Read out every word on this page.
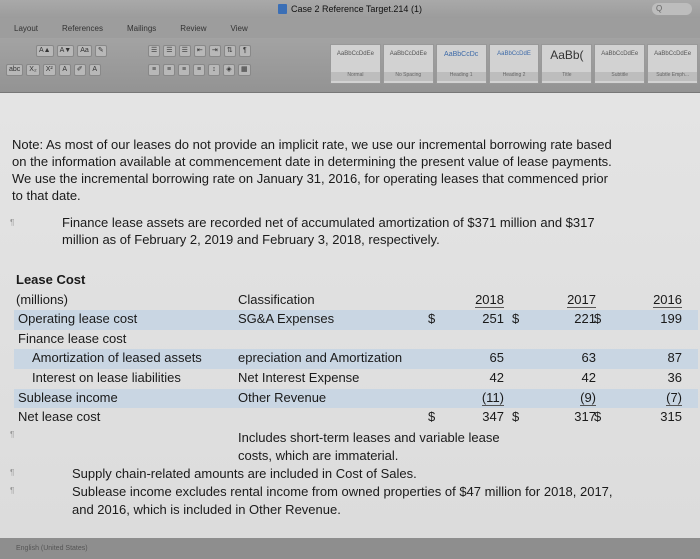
Case 2 Reference Target.214 (1)	Q
Layout	References	Mailings	Review	View
A▲	A▼	Aa	✎
abc	X₂	X²	A	✐	A
☰	☰	☰	⇤	⇥	⇅	¶
≡	≡	≡	≡	↕	◈	▦
AaBbCcDdEe
Normal
AaBbCcDdEe
No Spacing
AaBbCcDc
Heading 1
AaBbCcDdE
Heading 2
AaBb(
Title
AaBbCcDdEe
Subtitle
AaBbCcDdEe
Subtle Emph...
Note: As most of our leases do not provide an implicit rate, we use our incremental borrowing rate based
on the information available at commencement date in determining the present value of lease payments.
We use the incremental borrowing rate on January 31, 2016, for operating leases that commenced prior
to that date.
¶	Finance lease assets are recorded net of accumulated amortization of $371 million and $317
million as of February 2, 2019 and February 3, 2018, respectively.
Lease Cost
(millions)	Classification	2018	2017	2016
Operating lease cost	SG&A Expenses	$	251 $	221
$	199
Finance lease cost
Amortization of leased assets	epreciation and Amortization	65	63	87
Interest on lease liabilities	Net Interest Expense	42	42	36
Sublease income	Other Revenue	(11)	(9)	(7)
Net lease cost	$	347 $	317
$	315
¶	Includes short-term leases and variable lease
costs, which are immaterial.
¶	Supply chain-related amounts are included in Cost of Sales.
¶	Sublease income excludes rental income from owned properties of $47 million for 2018, 2017,
and 2016, which is included in Other Revenue.
English (United States)
